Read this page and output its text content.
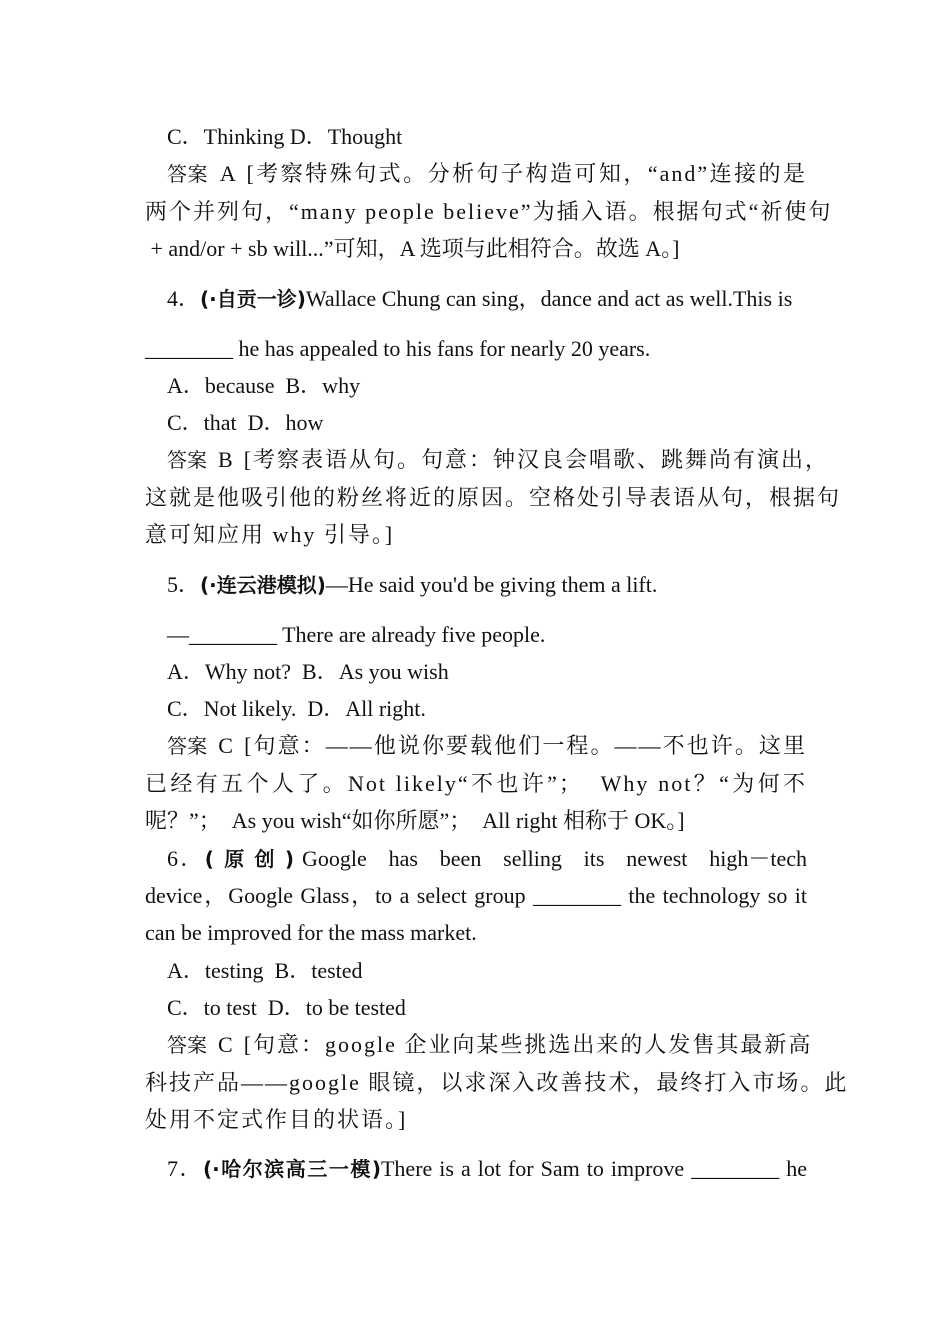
C．Thinking D．Thought
答案  A  [考察特殊句式。分析句子构造可知，“and”连接的是
两个并列句，“many people believe”为插入语。根据句式“祈使句
+ and/or + sb will...”可知，A 选项与此相符合。故选 A。]
4．(·自贡一诊)Wallace Chung can sing，dance and act as well.This is
________ he has appealed to his fans for nearly 20 years.
A．because  B．why
C．that  D．how
答案  B  [考察表语从句。句意：钟汉良会唱歌、跳舞尚有演出，
这就是他吸引他的粉丝将近的原因。空格处引导表语从句，根据句
意可知应用 why 引导。]
5．(·连云港模拟)—He said you'd be giving them a lift.
—________ There are already five people.
A．Why not?  B．As you wish
C．Not likely.  D．All right.
答案  C  [句意：——他说你要载他们一程。——不也许。这里
已经有五个人了。Not likely“不也许”；  Why not？“为何不
呢？”；  As you wish“如你所愿”；  All right 相称于 OK。]
6．(原创)Google has been selling its newest high－tech
device，Google Glass，to a select group ________ the technology so it
can be improved for the mass market.
A．testing  B．tested
C．to test  D．to be tested
答案  C  [句意：google 企业向某些挑选出来的人发售其最新高
科技产品——google 眼镜，以求深入改善技术，最终打入市场。此
处用不定式作目的状语。]
7．(·哈尔滨高三一模)There is a lot for Sam to improve ________ he
